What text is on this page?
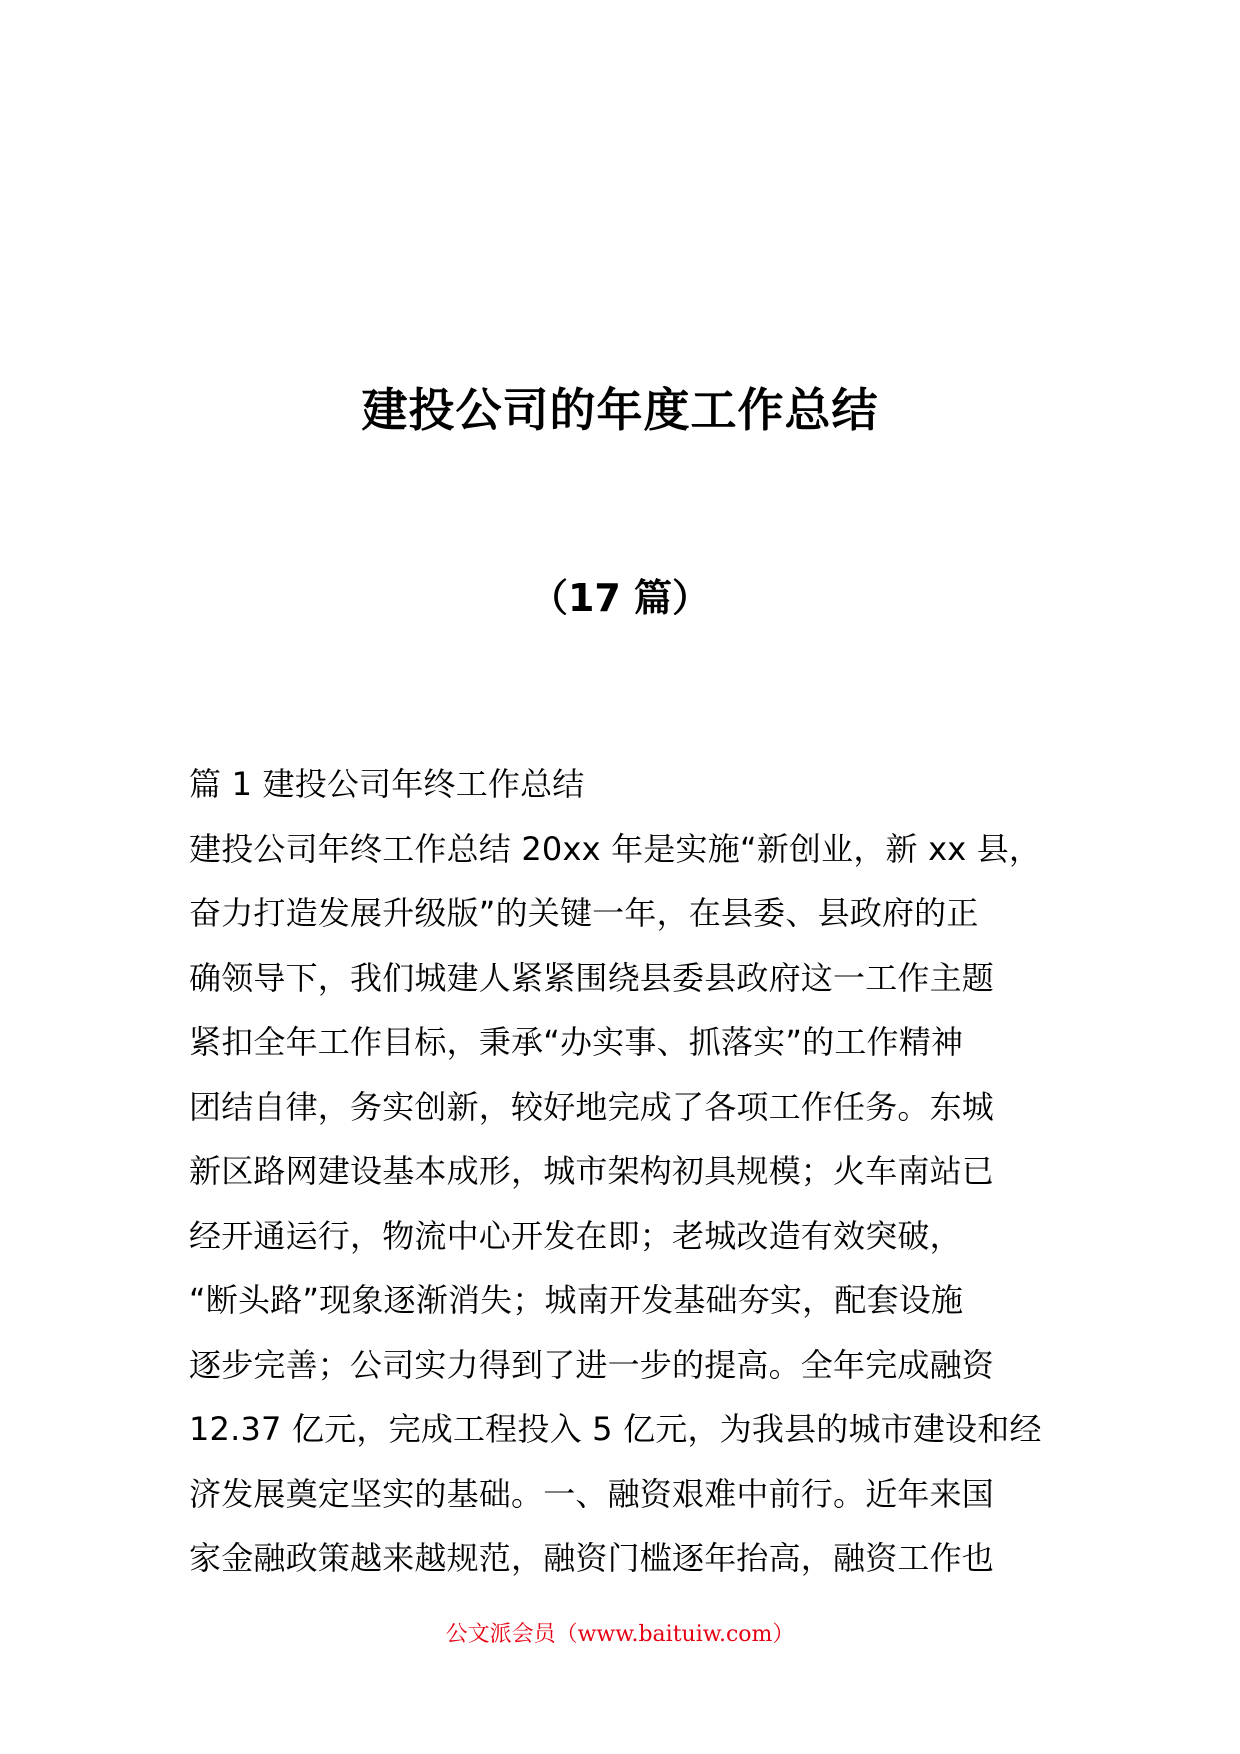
建投公司的年度工作总结
（17 篇）
篇 1 建投公司年终工作总结
建投公司年终工作总结 20xx 年是实施“新创业，新 xx 县，
奋力打造发展升级版”的关键一年，在县委、县政府的正
确领导下，我们城建人紧紧围绕县委县政府这一工作主题
紧扣全年工作目标，秉承“办实事、抓落实”的工作精神
团结自律，务实创新，较好地完成了各项工作任务。东城
新区路网建设基本成形，城市架构初具规模；火车南站已
经开通运行，物流中心开发在即；老城改造有效突破，
“断头路”现象逐渐消失；城南开发基础夯实，配套设施
逐步完善；公司实力得到了进一步的提高。全年完成融资
12.37 亿元，完成工程投入 5 亿元，为我县的城市建设和经
济发展奠定坚实的基础。一、融资艰难中前行。近年来国
家金融政策越来越规范，融资门槛逐年抬高，融资工作也
公文派会员（www.baituiw.com）
